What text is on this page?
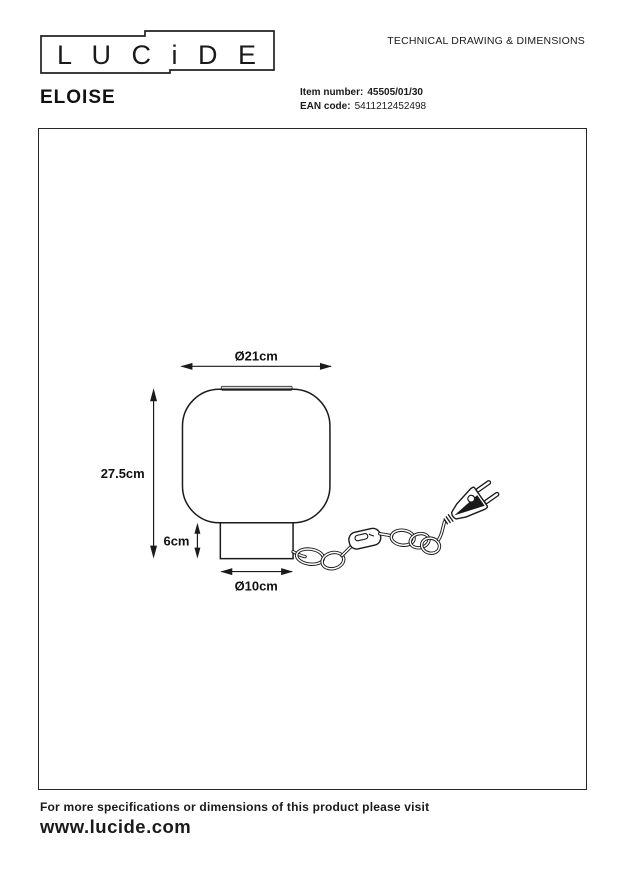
L U C i D E	TECHNICAL DRAWING & DIMENSIONS
ELOISE	Item number: 45505/01/30
EAN code: 5411212452498
Ø21cm
27.5cm
6cm
Ø10cm
For more specifications or dimensions of this product please visit
www.lucide.com
